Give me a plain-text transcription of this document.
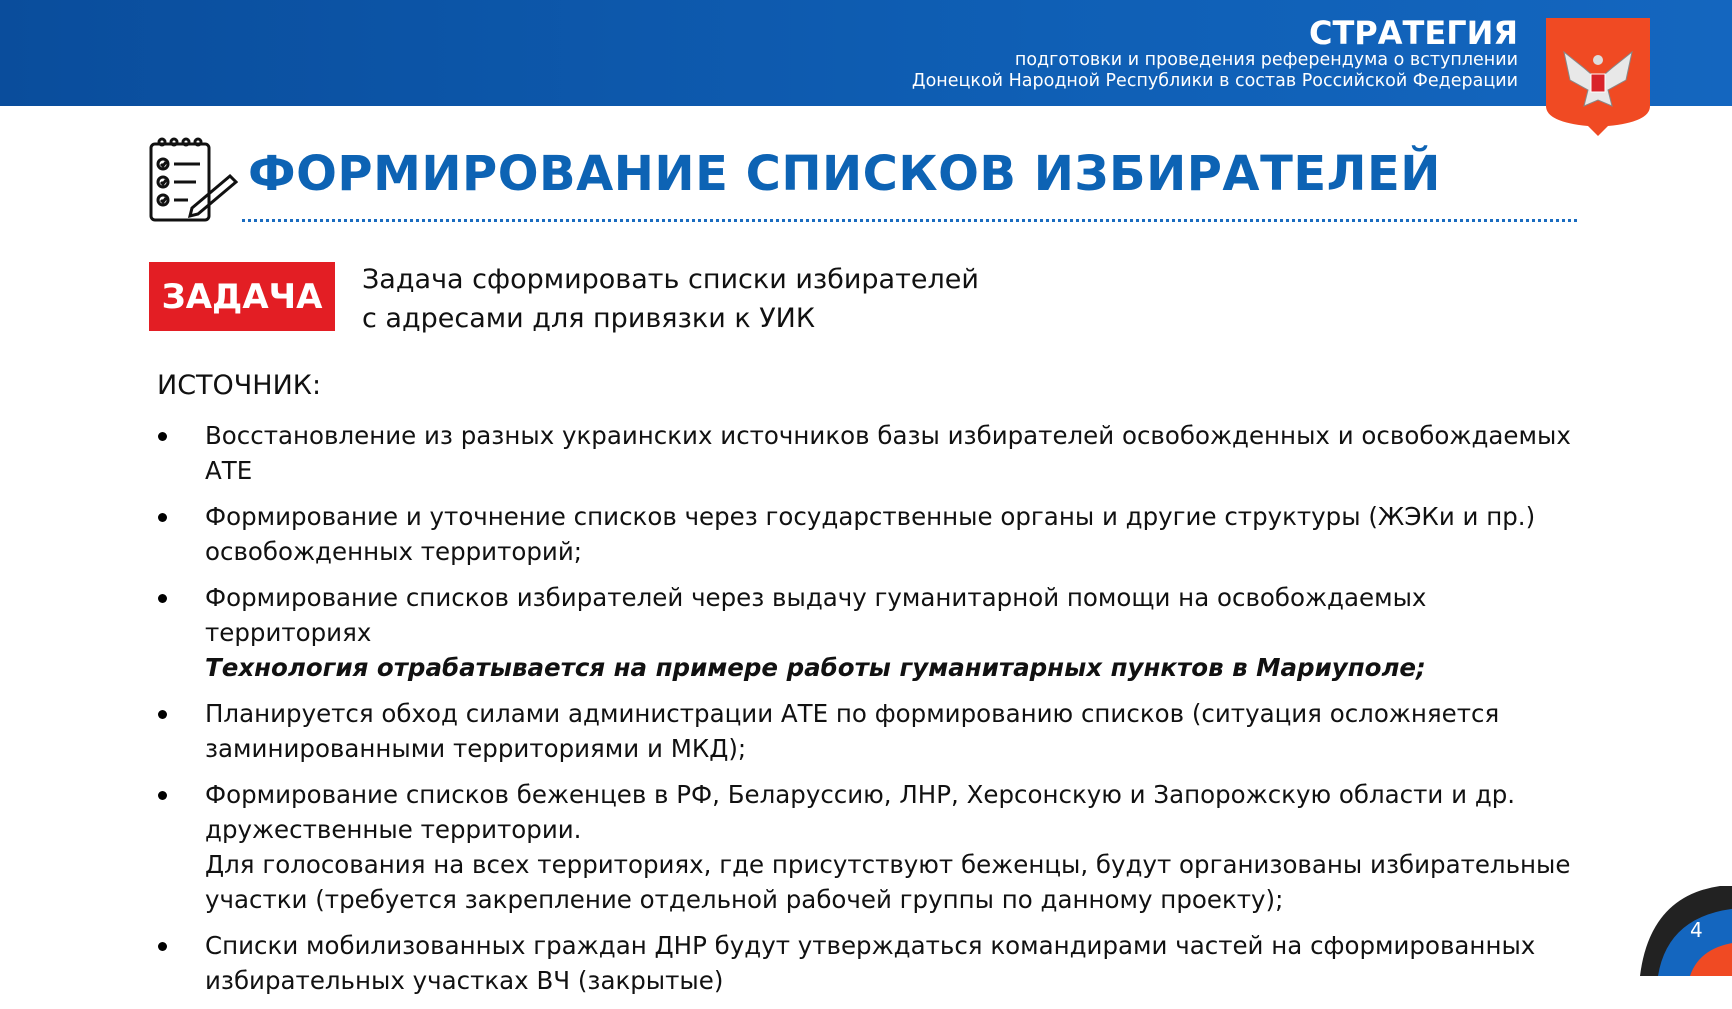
СТРАТЕГИЯ
подготовки и проведения референдума о вступлении
Донецкой Народной Республики в состав Российской Федерации
ФОРМИРОВАНИЕ СПИСКОВ ИЗБИРАТЕЛЕЙ
ЗАДАЧА	Задача сформировать списки избирателей
с адресами для привязки к УИК
ИСТОЧНИК:
Восстановление из разных украинских источников базы избирателей освобожденных и освобождаемых АТЕ
Формирование и уточнение списков через государственные органы и другие структуры (ЖЭКи и пр.) освобожденных территорий;
Формирование списков избирателей через выдачу гуманитарной помощи на освобождаемых территориях
Технология отрабатывается на примере работы гуманитарных пунктов в Мариуполе;
Планируется обход силами администрации АТЕ по формированию списков (ситуация осложняется заминированными территориями и МКД);
Формирование списков беженцев в РФ, Беларуссию, ЛНР, Херсонскую и Запорожскую области и др. дружественные территории.
Для голосования на всех территориях, где присутствуют беженцы, будут организованы избирательные участки (требуется закрепление отдельной рабочей группы по данному проекту);
Списки мобилизованных граждан ДНР будут утверждаться командирами частей на сформированных избирательных участках ВЧ (закрытые)
4
